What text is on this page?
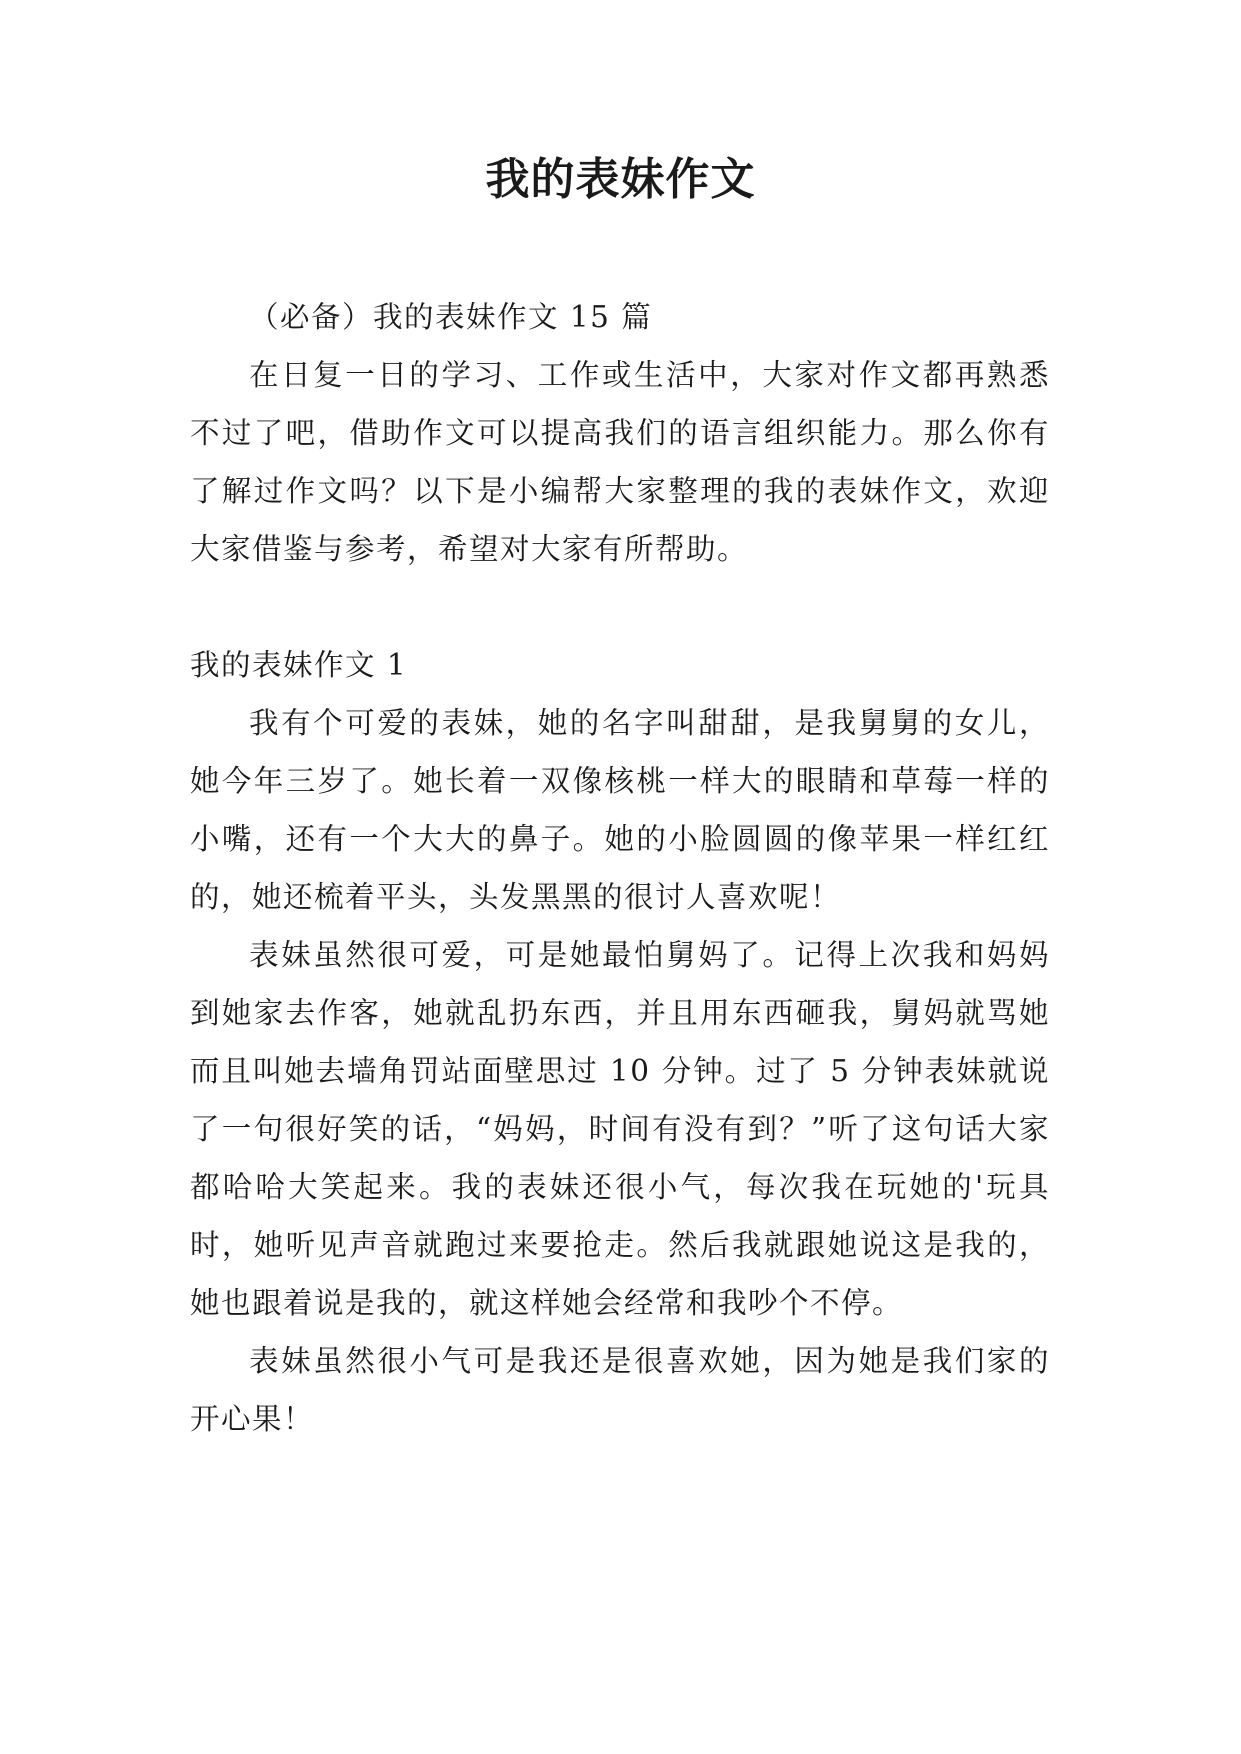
我的表妹作文

（必备）我的表妹作文 15 篇

在日复一日的学习、工作或生活中，大家对作文都再熟悉不过了吧，借助作文可以提高我们的语言组织能力。那么你有了解过作文吗？以下是小编帮大家整理的我的表妹作文，欢迎大家借鉴与参考，希望对大家有所帮助。

我的表妹作文 1

我有个可爱的表妹，她的名字叫甜甜，是我舅舅的女儿，她今年三岁了。她长着一双像核桃一样大的眼睛和草莓一样的小嘴，还有一个大大的鼻子。她的小脸圆圆的像苹果一样红红的，她还梳着平头，头发黑黑的很讨人喜欢呢！

表妹虽然很可爱，可是她最怕舅妈了。记得上次我和妈妈到她家去作客，她就乱扔东西，并且用东西砸我，舅妈就骂她而且叫她去墙角罚站面壁思过 10 分钟。过了 5 分钟表妹就说了一句很好笑的话，“妈妈，时间有没有到？”听了这句话大家都哈哈大笑起来。我的表妹还很小气，每次我在玩她的'玩具时，她听见声音就跑过来要抢走。然后我就跟她说这是我的，她也跟着说是我的，就这样她会经常和我吵个不停。

表妹虽然很小气可是我还是很喜欢她，因为她是我们家的开心果！
